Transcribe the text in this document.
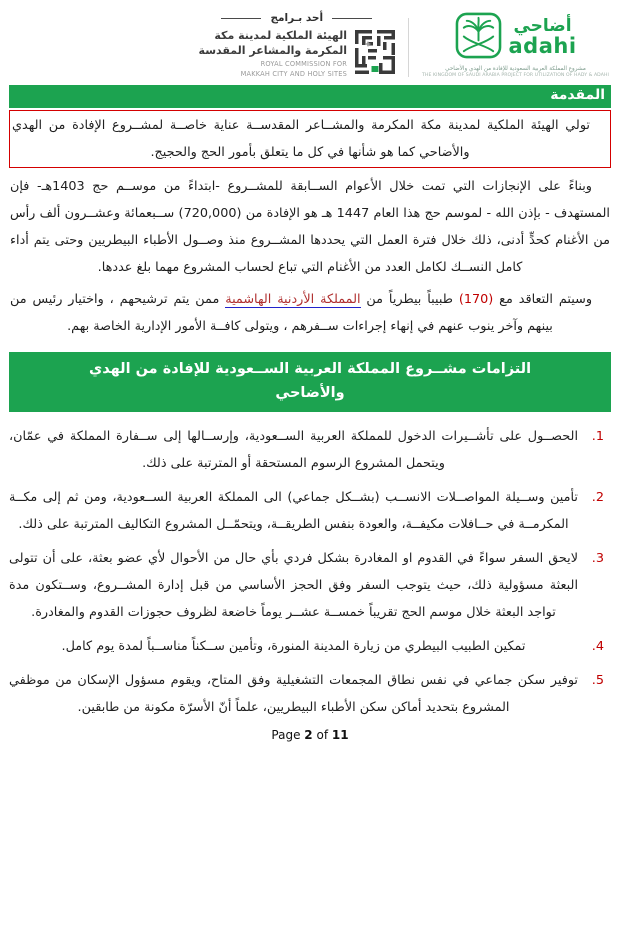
أحد بـرامج
الهيئة الملكية لمدينة مكة
المكرمة والمشاعر المقدسة
ROYAL COMMISSION FOR
MAKKAH CITY AND HOLY SITES
أضاحي
adahi
مشروع المملكة العربية السعودية للإفادة من الهدي والأضاحي
THE KINGDOM OF SAUDI ARABIA PROJECT FOR UTILIZATION OF HADY & ADAHI
المقدمة

تولي الهيئة الملكية لمدينة مكة المكرمة والمشــاعر المقدســة عناية خاصــة لمشــروع الإفادة من الهدي والأضاحي كما هو شأنها في كل ما يتعلق بأمور الحج والحجيج.

وبناءً على الإنجازات التي تمت خلال الأعوام الســابقة للمشــروع -ابتداءً من موســم حج 1403هـ- فإن المستهدف - بإذن الله - لموسم حج هذا العام 1447 هـ هو الإفادة من (720,000) ســبعمائة وعشــرون ألف رأس من الأغنام كحدٍّ أدنى، ذلك خلال فترة العمل التي يحددها المشــروع منذ وصــول الأطباء البيطريين وحتى يتم أداء كامل النســك لكامل العدد من الأغنام التي تباع لحساب المشروع مهما بلغ عددها.

وسيتم التعاقد مع (170) طبيباً بيطرياً من المملكة الأردنية الهاشمية ممن يتم ترشيحهم ، واختيار رئيس من بينهم وآخر ينوب عنهم في إنهاء إجراءات ســفرهم ، ويتولى كافــة الأمور الإدارية الخاصة بهم.

التزامات مشــروع المملكة العربية الســعودية للإفادة من الهدي والأضاحي
1.
الحصــول على تأشــيرات الدخول للمملكة العربية الســعودية، وإرســالها إلى ســفارة المملكة في عمّان، ويتحمل المشروع الرسوم المستحقة أو المترتبة على ذلك.
2.
تأمين وســيلة المواصــلات الانســب (بشــكل جماعي) الى المملكة العربية الســعودية، ومن ثم إلى مكــة المكرمــة في حــافلات مكيفــة، والعودة بنفس الطريقــة، ويتحمّــل المشروع التكاليف المترتبة على ذلك.
3.
لايحق السفر سواءً في القدوم او المغادرة بشكل فردي بأي حال من الأحوال لأي عضو بعثة، على أن تتولى البعثة مسؤولية ذلك، حيث يتوجب السفر وفق الحجز الأساسي من قبل إدارة المشــروع، وســتكون مدة تواجد البعثة خلال موسم الحج تقريباً خمســة عشــر يوماً خاضعة لظروف حجوزات القدوم والمغادرة.
4.
تمكين الطبيب البيطري من زيارة المدينة المنورة، وتأمين ســكناً مناســباً لمدة يوم كامل.
5.
توفير سكن جماعي في نفس نطاق المجمعات التشغيلية وفق المتاح، ويقوم مسؤول الإسكان من موظفي المشروع بتحديد أماكن سكن الأطباء البيطريين، علماً أنّ الأسرّة مكونة من طابقين.
Page 2 of 11
